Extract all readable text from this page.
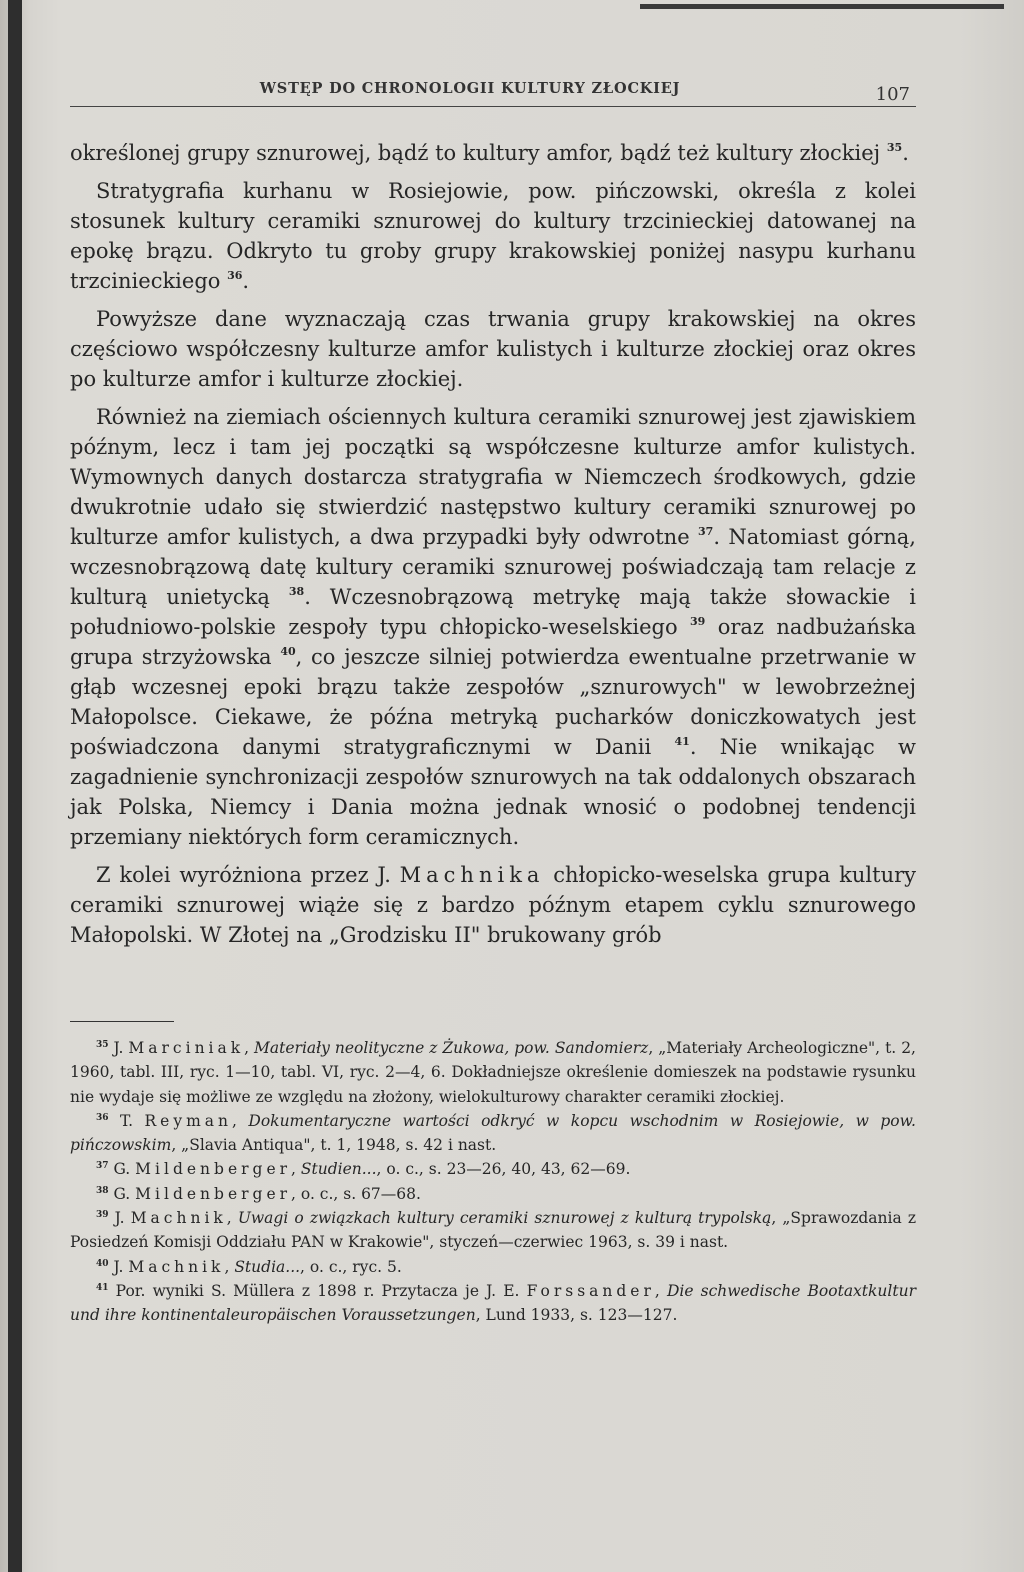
WSTĘP DO CHRONOLOGII KULTURY ZŁOCKIEJ	107

określonej grupy sznurowej, bądź to kultury amfor, bądź też kultury złockiej $^{35}$.

Stratygrafia kurhanu w Rosiejowie, pow. pińczowski, określa z kolei stosunek kultury ceramiki sznurowej do kultury trzcinieckiej datowanej na epokę brązu. Odkryto tu groby grupy krakowskiej poniżej nasypu kurhanu trzcinieckiego $^{36}$.

Powyższe dane wyznaczają czas trwania grupy krakowskiej na okres częściowo współczesny kulturze amfor kulistych i kulturze złockiej oraz okres po kulturze amfor i kulturze złockiej.

Również na ziemiach ościennych kultura ceramiki sznurowej jest zjawiskiem późnym, lecz i tam jej początki są współczesne kulturze amfor kulistych. Wymownych danych dostarcza stratygrafia w Niemczech środkowych, gdzie dwukrotnie udało się stwierdzić następstwo kultury ceramiki sznurowej po kulturze amfor kulistych, a dwa przypadki były odwrotne $^{37}$. Natomiast górną, wczesnobrązową datę kultury ceramiki sznurowej poświadczają tam relacje z kulturą unietycką $^{38}$. Wczesnobrązową metrykę mają także słowackie i południowo-polskie zespoły typu chłopicko-weselskiego $^{39}$ oraz nadbużańska grupa strzyżowska $^{40}$, co jeszcze silniej potwierdza ewentualne przetrwanie w głąb wczesnej epoki brązu także zespołów „sznurowych" w lewobrzeżnej Małopolsce. Ciekawe, że późna metryką pucharków doniczkowatych jest poświadczona danymi stratygraficznymi w Danii $^{41}$. Nie wnikając w zagadnienie synchronizacji zespołów sznurowych na tak oddalonych obszarach jak Polska, Niemcy i Dania można jednak wnosić o podobnej tendencji przemiany niektórych form ceramicznych.

Z kolei wyróżniona przez J. Machnika chłopicko-weselska grupa kultury ceramiki sznurowej wiąże się z bardzo późnym etapem cyklu sznurowego Małopolski. W Złotej na „Grodzisku II" brukowany grób

$^{35}$ J. Marciniak, Materiały neolityczne z Żukowa, pow. Sandomierz, „Materiały Archeologiczne", t. 2, 1960, tabl. III, ryc. 1—10, tabl. VI, ryc. 2—4, 6. Dokładniejsze określenie domieszek na podstawie rysunku nie wydaje się możliwe ze względu na złożony, wielokulturowy charakter ceramiki złockiej.

$^{36}$ T. Reyman, Dokumentaryczne wartości odkryć w kopcu wschodnim w Rosiejowie, w pow. pińczowskim, „Slavia Antiqua", t. 1, 1948, s. 42 i nast.

$^{37}$ G. Mildenberger, Studien..., o. c., s. 23—26, 40, 43, 62—69.

$^{38}$ G. Mildenberger, o. c., s. 67—68.

$^{39}$ J. Machnik, Uwagi o związkach kultury ceramiki sznurowej z kulturą trypolską, „Sprawozdania z Posiedzeń Komisji Oddziału PAN w Krakowie", styczeń—czerwiec 1963, s. 39 i nast.

$^{40}$ J. Machnik, Studia..., o. c., ryc. 5.

$^{41}$ Por. wyniki S. Müllera z 1898 r. Przytacza je J. E. Forssander, Die schwedische Bootaxtkultur und ihre kontinentaleuropäischen Voraussetzungen, Lund 1933, s. 123—127.
